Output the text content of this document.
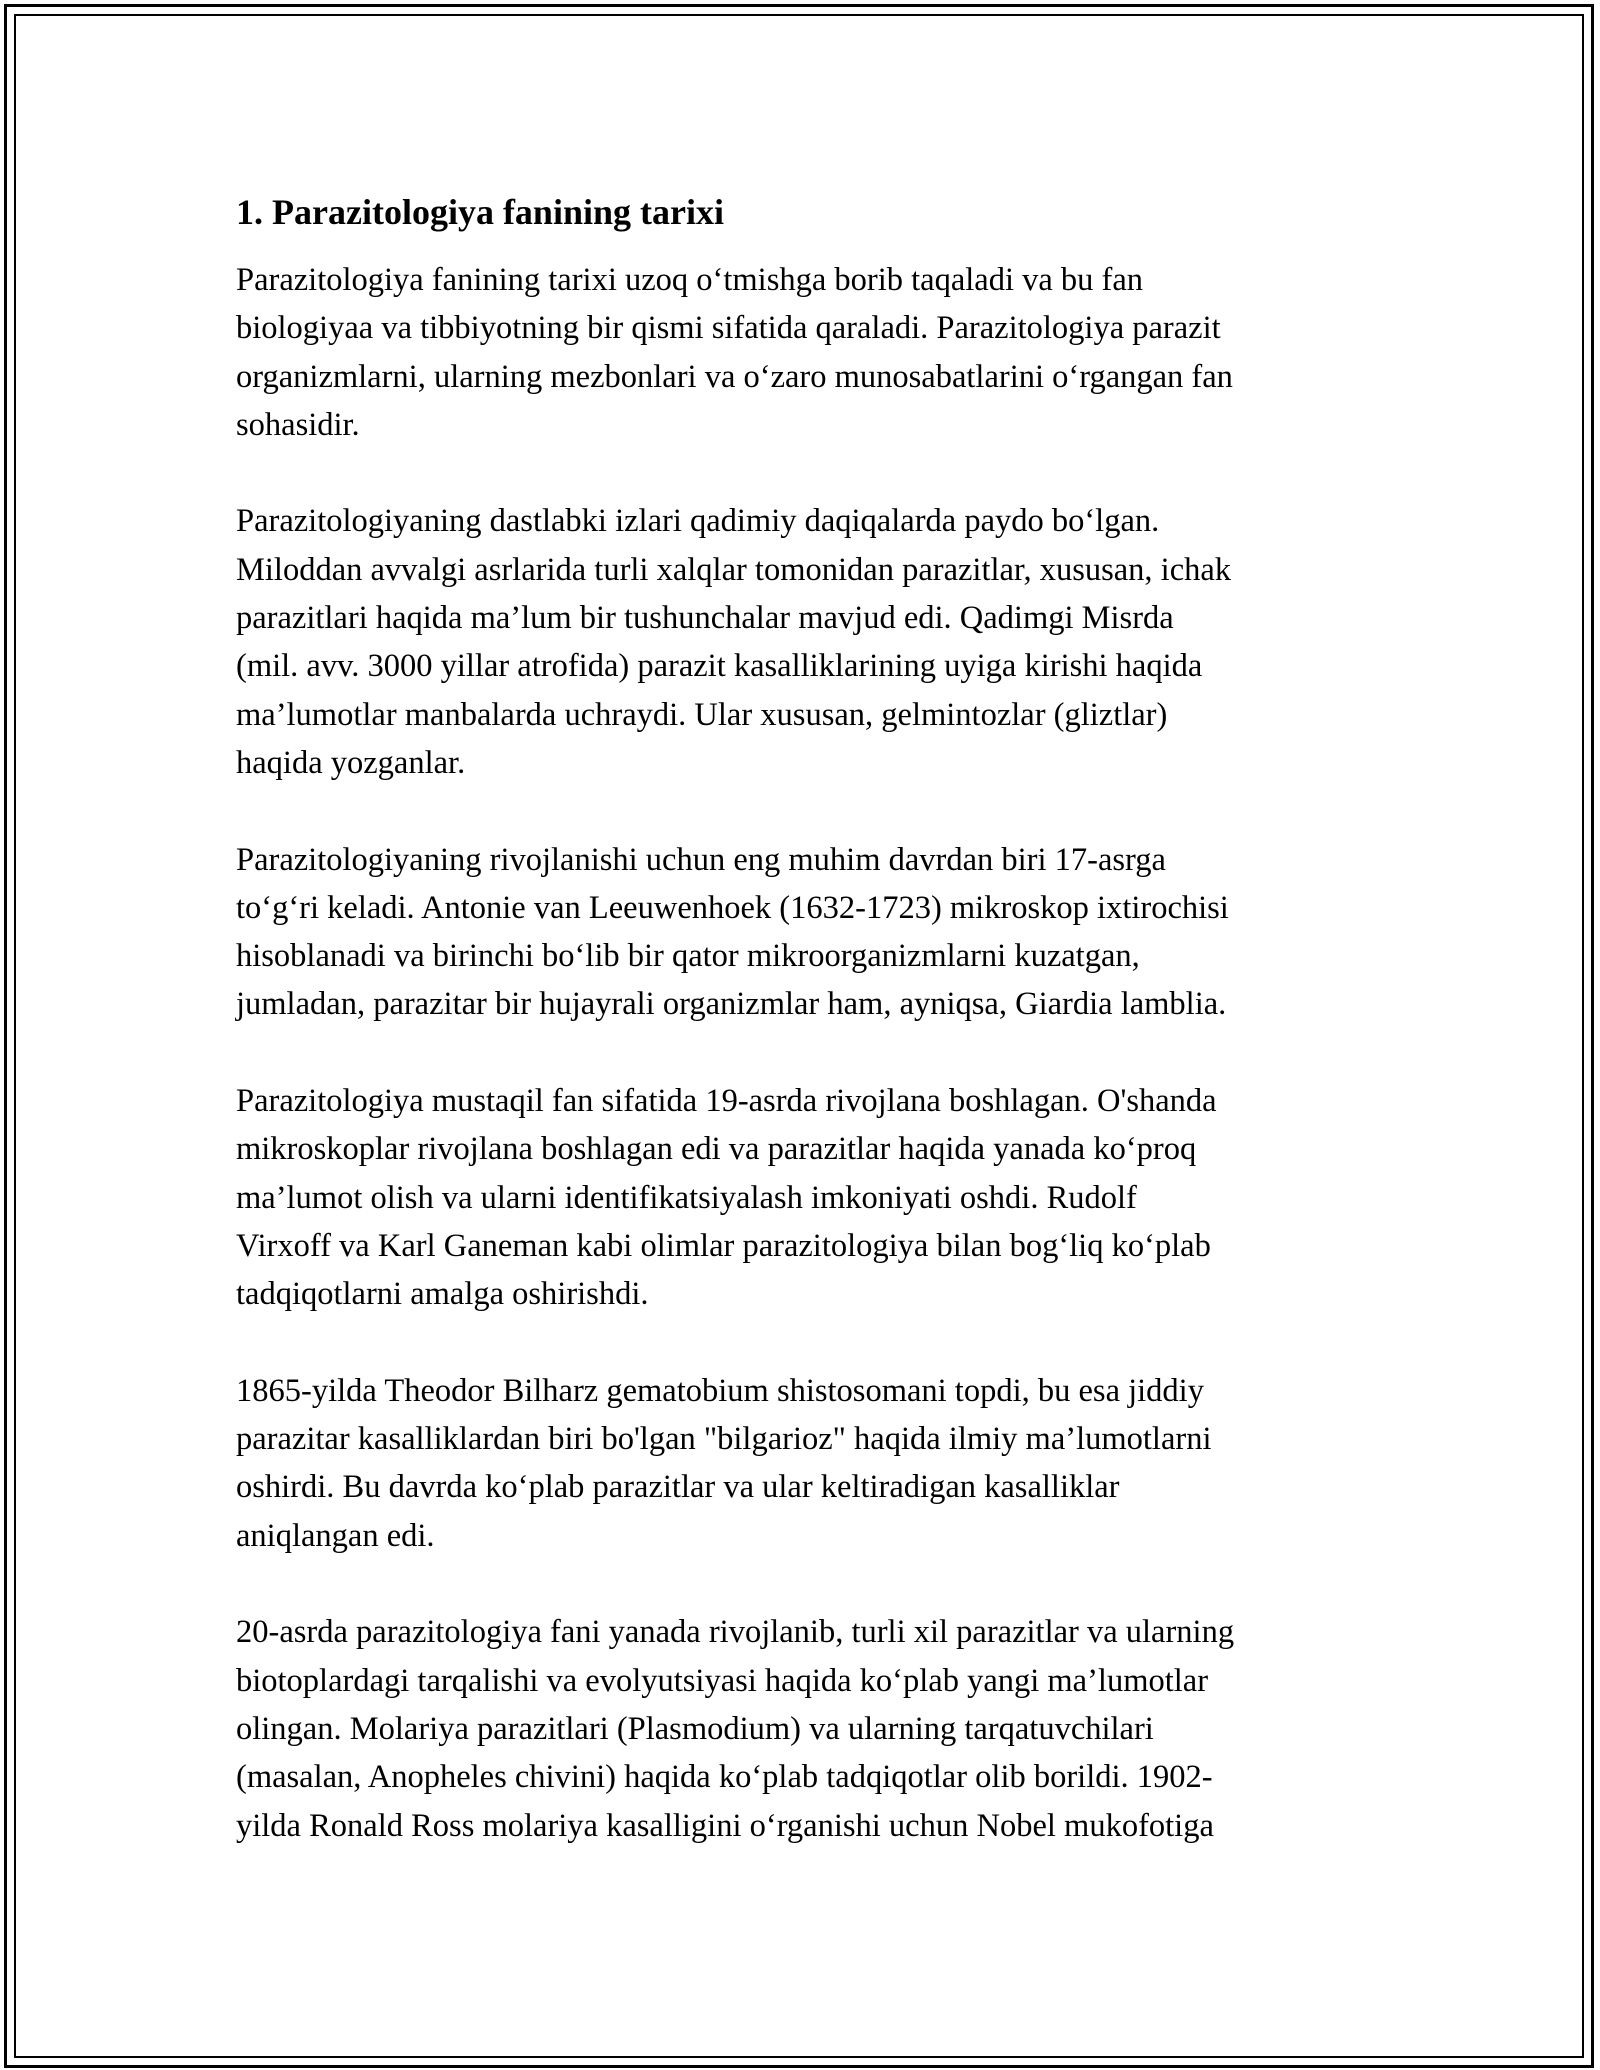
1. Parazitologiya fanining tarixi
Parazitologiya fanining tarixi uzoq o‘tmishga borib taqaladi va bu fan
biologiyaa va tibbiyotning bir qismi sifatida qaraladi. Parazitologiya parazit
organizmlarni, ularning mezbonlari va o‘zaro munosabatlarini o‘rgangan fan
sohasidir.
Parazitologiyaning dastlabki izlari qadimiy daqiqalarda paydo bo‘lgan.
Miloddan avvalgi asrlarida turli xalqlar tomonidan parazitlar, xususan, ichak
parazitlari haqida ma’lum bir tushunchalar mavjud edi. Qadimgi Misrda
(mil. avv. 3000 yillar atrofida) parazit kasalliklarining uyiga kirishi haqida
ma’lumotlar manbalarda uchraydi. Ular xususan, gelmintozlar (gliztlar)
haqida yozganlar.
Parazitologiyaning rivojlanishi uchun eng muhim davrdan biri 17-asrga
to‘g‘ri keladi. Antonie van Leeuwenhoek (1632-1723) mikroskop ixtirochisi
hisoblanadi va birinchi bo‘lib bir qator mikroorganizmlarni kuzatgan,
jumladan, parazitar bir hujayrali organizmlar ham, ayniqsa, Giardia lamblia.
Parazitologiya mustaqil fan sifatida 19-asrda rivojlana boshlagan. O'shanda
mikroskoplar rivojlana boshlagan edi va parazitlar haqida yanada ko‘proq
ma’lumot olish va ularni identifikatsiyalash imkoniyati oshdi. Rudolf
Virxoff va Karl Ganeman kabi olimlar parazitologiya bilan bog‘liq ko‘plab
tadqiqotlarni amalga oshirishdi.
1865-yilda Theodor Bilharz gematobium shistosomani topdi, bu esa jiddiy
parazitar kasalliklardan biri bo'lgan "bilgarioz" haqida ilmiy ma’lumotlarni
oshirdi. Bu davrda ko‘plab parazitlar va ular keltiradigan kasalliklar
aniqlangan edi.
20-asrda parazitologiya fani yanada rivojlanib, turli xil parazitlar va ularning
biotoplardagi tarqalishi va evolyutsiyasi haqida ko‘plab yangi ma’lumotlar
olingan. Molariya parazitlari (Plasmodium) va ularning tarqatuvchilari
(masalan, Anopheles chivini) haqida ko‘plab tadqiqotlar olib borildi. 1902-
yilda Ronald Ross molariya kasalligini o‘rganishi uchun Nobel mukofotiga
